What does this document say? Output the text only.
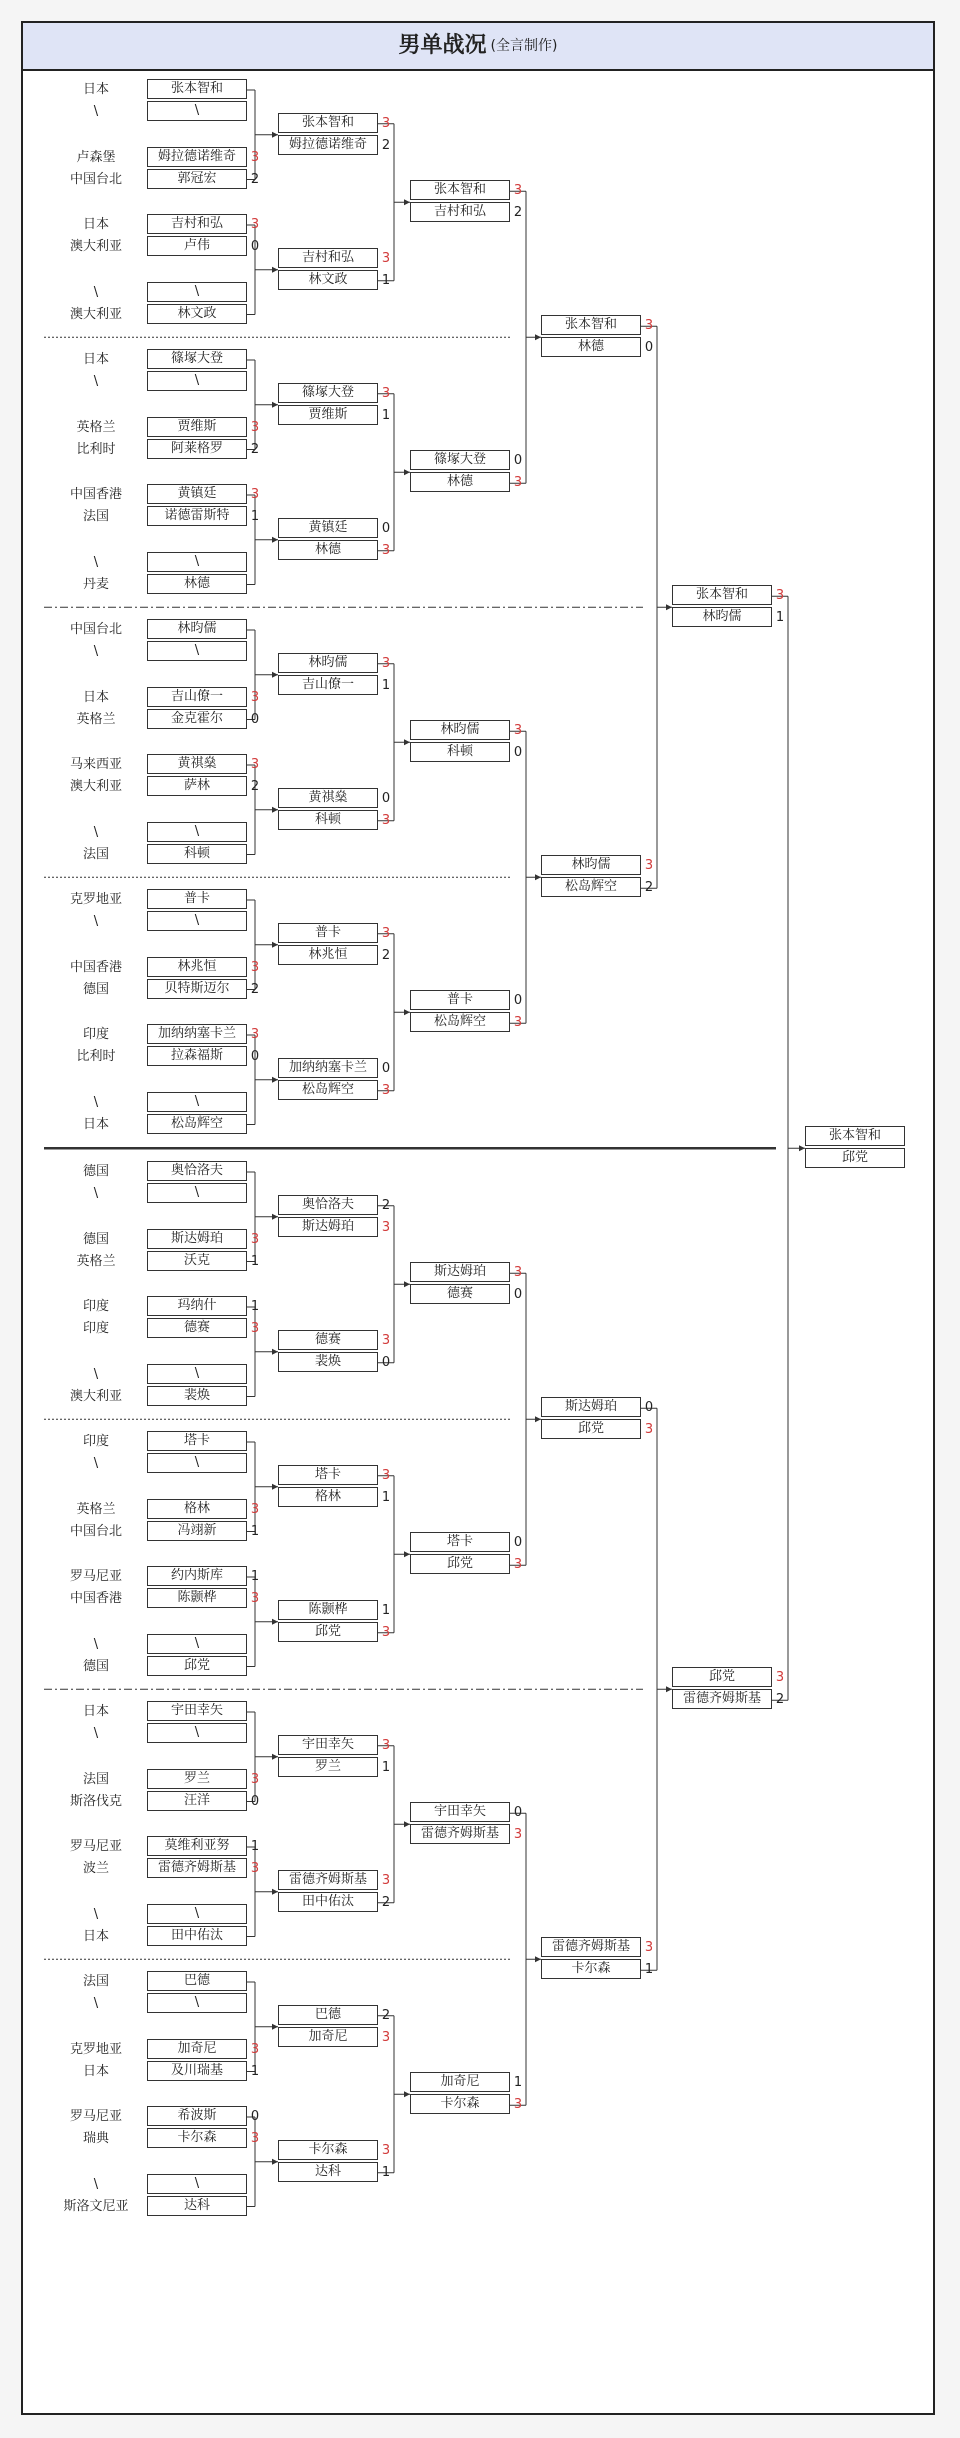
男单战况 (全言制作)
张本智和
\
日本
\
姆拉德诺维奇
郭冠宏
3
2
卢森堡
中国台北
吉村和弘
卢伟
3
0
日本
澳大利亚
\
林文政
\
澳大利亚
篠塚大登
\
日本
\
贾维斯
阿莱格罗
3
2
英格兰
比利时
黄镇廷
诺德雷斯特
3
1
中国香港
法国
\
林德
\
丹麦
林昀儒
\
中国台北
\
吉山僚一
金克霍尔
3
0
日本
英格兰
黄祺燊
萨林
3
2
马来西亚
澳大利亚
\
科顿
\
法国
普卡
\
克罗地亚
\
林兆恒
贝特斯迈尔
3
2
中国香港
德国
加纳纳塞卡兰
拉森福斯
3
0
印度
比利时
\
松岛辉空
\
日本
奥恰洛夫
\
德国
\
斯达姆珀
沃克
3
1
德国
英格兰
玛纳什
德赛
1
3
印度
印度
\
裴焕
\
澳大利亚
塔卡
\
印度
\
格林
冯翊新
3
1
英格兰
中国台北
约内斯库
陈颢桦
1
3
罗马尼亚
中国香港
\
邱党
\
德国
宇田幸矢
\
日本
\
罗兰
汪洋
3
0
法国
斯洛伐克
莫维利亚努
雷德齐姆斯基
1
3
罗马尼亚
波兰
\
田中佑汰
\
日本
巴德
\
法国
\
加奇尼
及川瑞基
3
1
克罗地亚
日本
希波斯
卡尔森
0
3
罗马尼亚
瑞典
\
达科
\
斯洛文尼亚
张本智和
姆拉德诺维奇
3
2
吉村和弘
林文政
3
1
篠塚大登
贾维斯
3
1
黄镇廷
林德
0
3
林昀儒
吉山僚一
3
1
黄祺燊
科顿
0
3
普卡
林兆恒
3
2
加纳纳塞卡兰
松岛辉空
0
3
奥恰洛夫
斯达姆珀
2
3
德赛
裴焕
3
0
塔卡
格林
3
1
陈颢桦
邱党
1
3
宇田幸矢
罗兰
3
1
雷德齐姆斯基
田中佑汰
3
2
巴德
加奇尼
2
3
卡尔森
达科
3
1
张本智和
吉村和弘
3
2
篠塚大登
林德
0
3
林昀儒
科顿
3
0
普卡
松岛辉空
0
3
斯达姆珀
德赛
3
0
塔卡
邱党
0
3
宇田幸矢
雷德齐姆斯基
0
3
加奇尼
卡尔森
1
3
张本智和
林德
3
0
林昀儒
松岛辉空
3
2
斯达姆珀
邱党
0
3
雷德齐姆斯基
卡尔森
3
1
张本智和
林昀儒
3
1
邱党
雷德齐姆斯基
3
2
张本智和
邱党
